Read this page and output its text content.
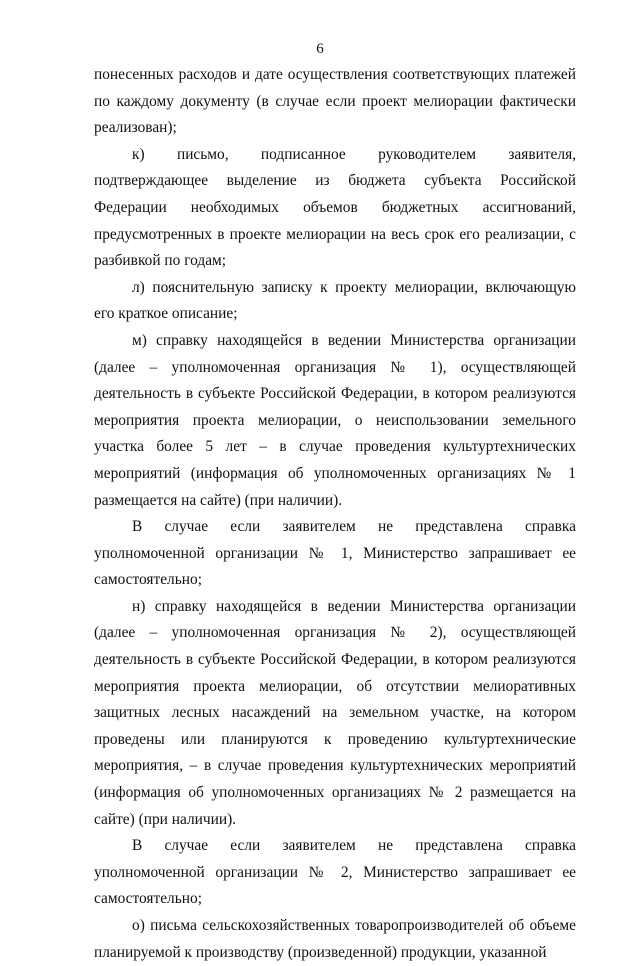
6

понесенных расходов и дате осуществления соответствующих платежей по каждому документу (в случае если проект мелиорации фактически реализован);

к) письмо, подписанное руководителем заявителя, подтверждающее выделение из бюджета субъекта Российской Федерации необходимых объемов бюджетных ассигнований, предусмотренных в проекте мелиорации на весь срок его реализации, с разбивкой по годам;

л) пояснительную записку к проекту мелиорации, включающую его краткое описание;

м) справку находящейся в ведении Министерства организации (далее – уполномоченная организация № 1), осуществляющей деятельность в субъекте Российской Федерации, в котором реализуются мероприятия проекта мелиорации, о неиспользовании земельного участка более 5 лет – в случае проведения культуртехнических мероприятий (информация об уполномоченных организациях № 1 размещается на сайте) (при наличии).

В случае если заявителем не представлена справка уполномоченной организации № 1, Министерство запрашивает ее самостоятельно;

н) справку находящейся в ведении Министерства организации (далее – уполномоченная организация № 2), осуществляющей деятельность в субъекте Российской Федерации, в котором реализуются мероприятия проекта мелиорации, об отсутствии мелиоративных защитных лесных насаждений на земельном участке, на котором проведены или планируются к проведению культуртехнические мероприятия, – в случае проведения культуртехнических мероприятий (информация об уполномоченных организациях № 2 размещается на сайте) (при наличии).

В случае если заявителем не представлена справка уполномоченной организации № 2, Министерство запрашивает ее самостоятельно;

о) письма сельскохозяйственных товаропроизводителей об объеме планируемой к производству (произведенной) продукции, указанной
